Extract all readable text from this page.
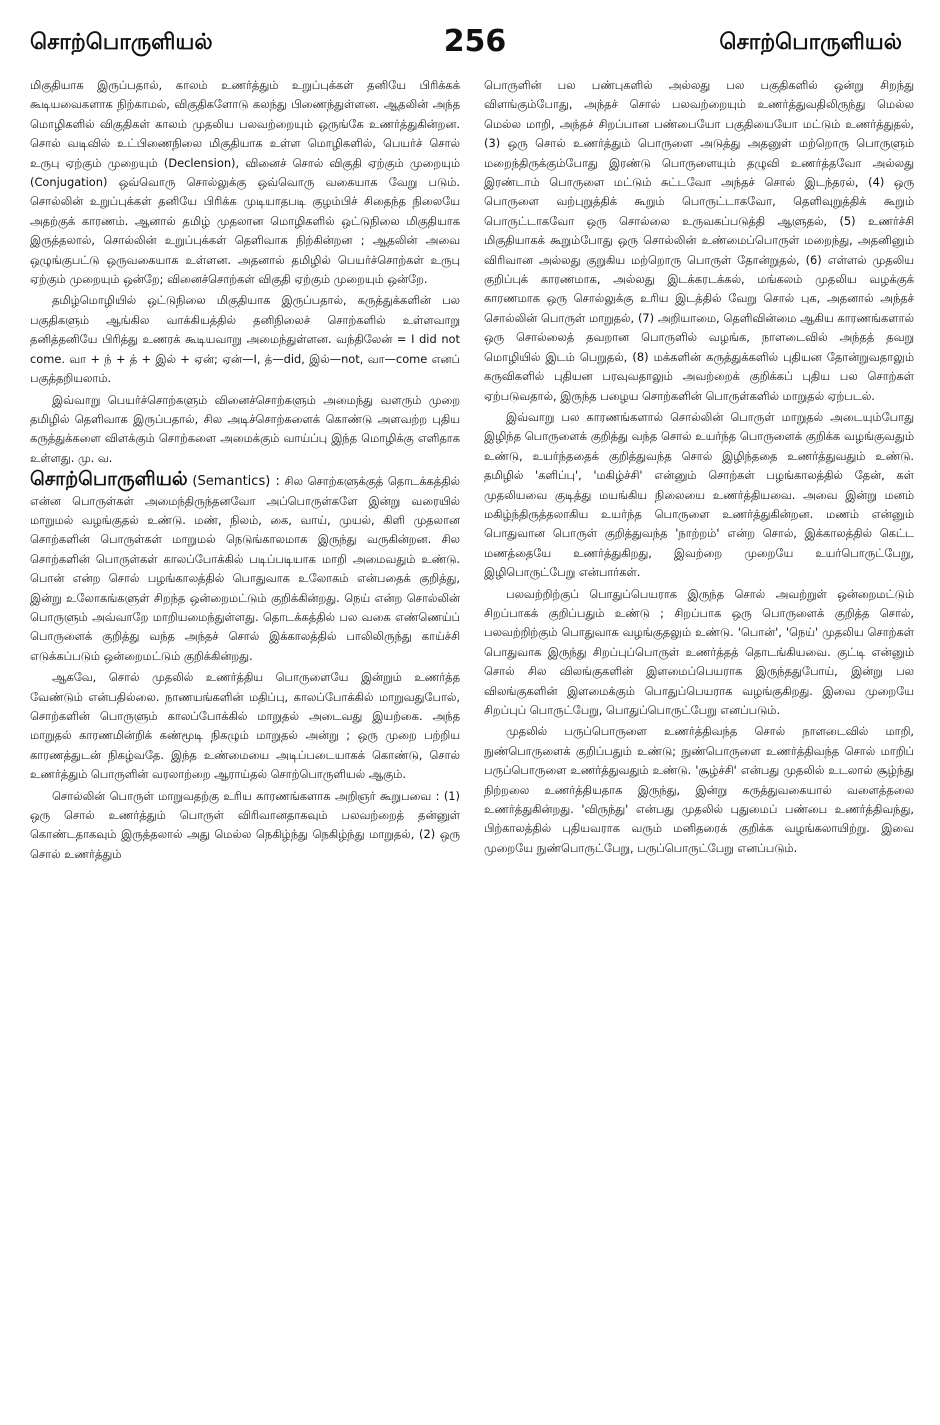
சொற்பொருளியல்	256	சொற்பொருளியல்

மிகுதியாக இருப்பதால், காலம் உணர்த்தும் உறுப்புக்கள் தனியே பிரிக்கக் கூடியவைகளாக நிற்காமல், விகுதிகளோடு கலந்து பிணைந்துள்ளன. ஆதலின் அந்த மொழிகளில் விகுதிகள் காலம் முதலிய பலவற்றையும் ஒருங்கே உணர்த்துகின்றன. சொல் வடிவில் உட்பிணைநிலை மிகுதியாக உள்ள மொழிகளில், பெயர்ச் சொல் உருபு ஏற்கும் முறையும் (Declension), வினைச் சொல் விகுதி ஏற்கும் முறையும் (Conjugation) ஒவ்வொரு சொல்லுக்கு ஒவ்வொரு வகையாக வேறு படும். சொல்லின் உறுப்புக்கள் தனியே பிரிக்க முடியாதபடி குழம்பிச் சிதைந்த நிலையே அதற்குக் காரணம். ஆனால் தமிழ் முதலான மொழிகளில் ஒட்டுநிலை மிகுதியாக இருத்தலால், சொல்லின் உறுப்புக்கள் தெளிவாக நிற்கின்றன ; ஆதலின் அவை ஒழுங்குபட்டு ஒருவகையாக உள்ளன. அதனால் தமிழில் பெயர்ச்சொற்கள் உருபு ஏற்கும் முறையும் ஒன்றே; வினைச்சொற்கள் விகுதி ஏற்கும் முறையும் ஒன்றே.

தமிழ்மொழியில் ஒட்டுநிலை மிகுதியாக இருப்பதால், கருத்துக்களின் பல பகுதிகளும் ஆங்கில வாக்கியத்தில் தனிநிலைச் சொற்களில் உள்ளவாறு தனித்தனியே பிரித்து உணரக் கூடியவாறு அமைந்துள்ளன. வந்திலேன் = I did not come. வா + ந் + த் + இல் + ஏன்; ஏன்—I, த்—did, இல்—not, வா—come எனப் பகுத்தறியலாம்.

இவ்வாறு பெயர்ச்சொற்களும் வினைச்சொற்களும் அமைந்து வளரும் முறை தமிழில் தெளிவாக இருப்பதால், சில அடிச்சொற்களைக் கொண்டு அளவற்ற புதிய கருத்துக்களை விளக்கும் சொற்களை அமைக்கும் வாய்ப்பு இந்த மொழிக்கு எளிதாக உள்ளது. மு. வ.

சொற்பொருளியல் (Semantics) : சில சொற்களுக்குத் தொடக்கத்தில் என்ன பொருள்கள் அமைந்திருந்தனவோ அப்பொருள்களே இன்று வரையில் மாறுமல் வழங்குதல் உண்டு. மண், நிலம், கை, வாய், முயல், கிளி முதலான சொற்களின் பொருள்கள் மாறுமல் நெடுங்காலமாக இருந்து வருகின்றன. சில சொற்களின் பொருள்கள் காலப்போக்கில் படிப்படியாக மாறி அமைவதும் உண்டு. பொன் என்ற சொல் பழங்காலத்தில் பொதுவாக உலோகம் என்பதைக் குறித்து, இன்று உலோகங்களுள் சிறந்த ஒன்றைமட்டும் குறிக்கின்றது. நெய் என்ற சொல்லின் பொருளும் அவ்வாறே மாறியமைந்துள்ளது. தொடக்கத்தில் பல வகை எண்ணெய்ப் பொருளைக் குறித்து வந்த அந்தச் சொல் இக்காலத்தில் பாலிலிருந்து காய்ச்சி எடுக்கப்படும் ஒன்றைமட்டும் குறிக்கின்றது.

ஆகவே, சொல் முதலில் உணர்த்திய பொருளையே இன்றும் உணர்த்த வேண்டும் என்பதில்லை. நாணயங்களின் மதிப்பு, காலப்போக்கில் மாறுவதுபோல், சொற்களின் பொருளும் காலப்போக்கில் மாறுதல் அடைவது இயற்கை. அந்த மாறுதல் காரணமின்றிக் கண்மூடி நிகழும் மாறுதல் அன்று ; ஒரு முறை பற்றிய காரணத்துடன் நிகழ்வதே. இந்த உண்மையை அடிப்படையாகக் கொண்டு, சொல் உணர்த்தும் பொருளின் வரலாற்றை ஆராய்தல் சொற்பொருளியல் ஆகும்.

சொல்லின் பொருள் மாறுவதற்கு உரிய காரணங்களாக அறிஞர் கூறுபவை : (1) ஒரு சொல் உணர்த்தும் பொருள் விரிவானதாகவும் பலவற்றைத் தன்னுள் கொண்டதாகவும் இருத்தலால் அது மெல்ல நெகிழ்ந்து நெகிழ்ந்து மாறுதல், (2) ஒரு சொல் உணர்த்தும்

பொருளின் பல பண்புகளில் அல்லது பல பகுதிகளில் ஒன்று சிறந்து விளங்கும்போது, அந்தச் சொல் பலவற்றையும் உணர்த்துவதிலிருந்து மெல்ல மெல்ல மாறி, அந்தச் சிறப்பான பண்பையோ பகுதியையோ மட்டும் உணர்த்துதல், (3) ஒரு சொல் உணர்த்தும் பொருளை அடுத்து அதனுள் மற்றொரு பொருளும் மறைந்திருக்கும்போது இரண்டு பொருளையும் தழுவி உணர்த்தவோ அல்லது இரண்டாம் பொருளை மட்டும் சுட்டவோ அந்தச் சொல் இடந்தரல், (4) ஒரு பொருளை வற்புறுத்திக் கூறும் பொருட்டாகவோ, தெளிவுறுத்திக் கூறும் பொருட்டாகவோ ஒரு சொல்லை உருவகப்படுத்தி ஆளுதல், (5) உணர்ச்சி மிகுதியாகக் கூறும்போது ஒரு சொல்லின் உண்மைப்பொருள் மறைந்து, அதனினும் விரிவான அல்லது குறுகிய மற்றொரு பொருள் தோன்றுதல், (6) எள்ளல் முதலிய குறிப்புக் காரணமாக, அல்லது இடக்கரடக்கல், மங்கலம் முதலிய வழக்குக் காரணமாக ஒரு சொல்லுக்கு உரிய இடத்தில் வேறு சொல் புக, அதனால் அந்தச் சொல்லின் பொருள் மாறுதல், (7) அறியாமை, தெளிவின்மை ஆகிய காரணங்களால் ஒரு சொல்லைத் தவறான பொருளில் வழங்க, நாளடைவில் அந்தத் தவறு மொழியில் இடம் பெறுதல், (8) மக்களின் கருத்துக்களில் புதியன தோன்றுவதாலும் கருவிகளில் புதியன பரவுவதாலும் அவற்றைக் குறிக்கப் புதிய பல சொற்கள் ஏற்படுவதால், இருந்த பழைய சொற்களின் பொருள்களில் மாறுதல் ஏற்படல்.

இவ்வாறு பல காரணங்களால் சொல்லின் பொருள் மாறுதல் அடையும்போது இழிந்த பொருளைக் குறித்து வந்த சொல் உயர்ந்த பொருளைக் குறிக்க வழங்குவதும் உண்டு, உயர்ந்ததைக் குறித்துவந்த சொல் இழிந்ததை உணர்த்துவதும் உண்டு. தமிழில் 'களிப்பு', 'மகிழ்ச்சி' என்னும் சொற்கள் பழங்காலத்தில் தேன், கள் முதலியவை குடித்து மயங்கிய நிலையை உணர்த்தியவை. அவை இன்று மனம் மகிழ்ந்திருத்தலாகிய உயர்ந்த பொருளை உணர்த்துகின்றன. மணம் என்னும் பொதுவான பொருள் குறித்துவந்த 'நாற்றம்' என்ற சொல், இக்காலத்தில் கெட்ட மணத்தையே உணர்த்துகிறது, இவற்றை முறையே உயர்பொருட்பேறு, இழிபொருட்பேறு என்பார்கள்.

பலவற்றிற்குப் பொதுப்பெயராக இருந்த சொல் அவற்றுள் ஒன்றைமட்டும் சிறப்பாகக் குறிப்பதும் உண்டு ; சிறப்பாக ஒரு பொருளைக் குறித்த சொல், பலவற்றிற்கும் பொதுவாக வழங்குதலும் உண்டு. 'பொன்', 'நெய்' முதலிய சொற்கள் பொதுவாக இருந்து சிறப்புப்பொருள் உணர்த்தத் தொடங்கியவை. குட்டி என்னும் சொல் சில விலங்குகளின் இளமைப்பெயராக இருந்ததுபோய், இன்று பல விலங்குகளின் இளமைக்கும் பொதுப்பெயராக வழங்குகிறது. இவை முறையே சிறப்புப் பொருட்பேறு, பொதுப்பொருட்பேறு எனப்படும்.

முதலில் பருப்பொருளை உணர்த்திவந்த சொல் நாளடைவில் மாறி, நுண்பொருளைக் குறிப்பதும் உண்டு; நுண்பொருளை உணர்த்திவந்த சொல் மாறிப் பருப்பொருளை உணர்த்துவதும் உண்டு. 'சூழ்ச்சி' என்பது முதலில் உடலால் சூழ்ந்து நிற்றலை உணர்த்தியதாக இருந்து, இன்று கருத்துவகையால் வளைத்தலை உணர்த்துகின்றது. 'விருந்து' என்பது முதலில் புதுமைப் பண்பை உணர்த்திவந்து, பிற்காலத்தில் புதியவராக வரும் மனிதரைக் குறிக்க வழங்கலாயிற்று. இவை முறையே நுண்பொருட்பேறு, பருப்பொருட்பேறு எனப்படும்.
